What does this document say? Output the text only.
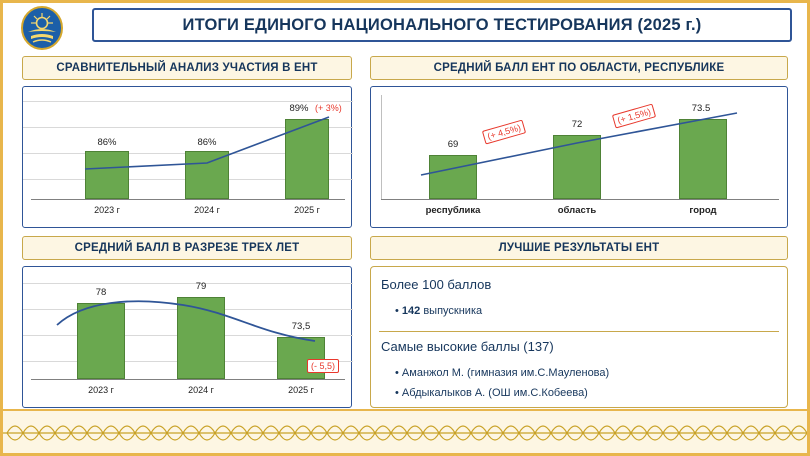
ИТОГИ ЕДИНОГО НАЦИОНАЛЬНОГО ТЕСТИРОВАНИЯ (2025 г.)
СРАВНИТЕЛЬНЫЙ АНАЛИЗ УЧАСТИЯ В ЕНТ	СРЕДНИЙ БАЛЛ ЕНТ ПО ОБЛАСТИ, РЕСПУБЛИКЕ
СРЕДНИЙ БАЛЛ В РАЗРЕЗЕ ТРЕХ ЛЕТ	ЛУЧШИЕ РЕЗУЛЬТАТЫ ЕНТ
86%	86%
89% (+ 3%)
2023 г	2024 г	2025 г
69
72
73.5
(+ 4,5%)
(+ 1,5%)
республика	область	город
78
79
73,5
(- 5,5)
2023 г	2024 г	2025 г
Более 100 баллов
• 142 выпускника
Самые высокие баллы (137)
• Аманжол М. (гимназия им.С.Мауленова)
• Абдыкалыков А. (ОШ им.С.Кобеева)
